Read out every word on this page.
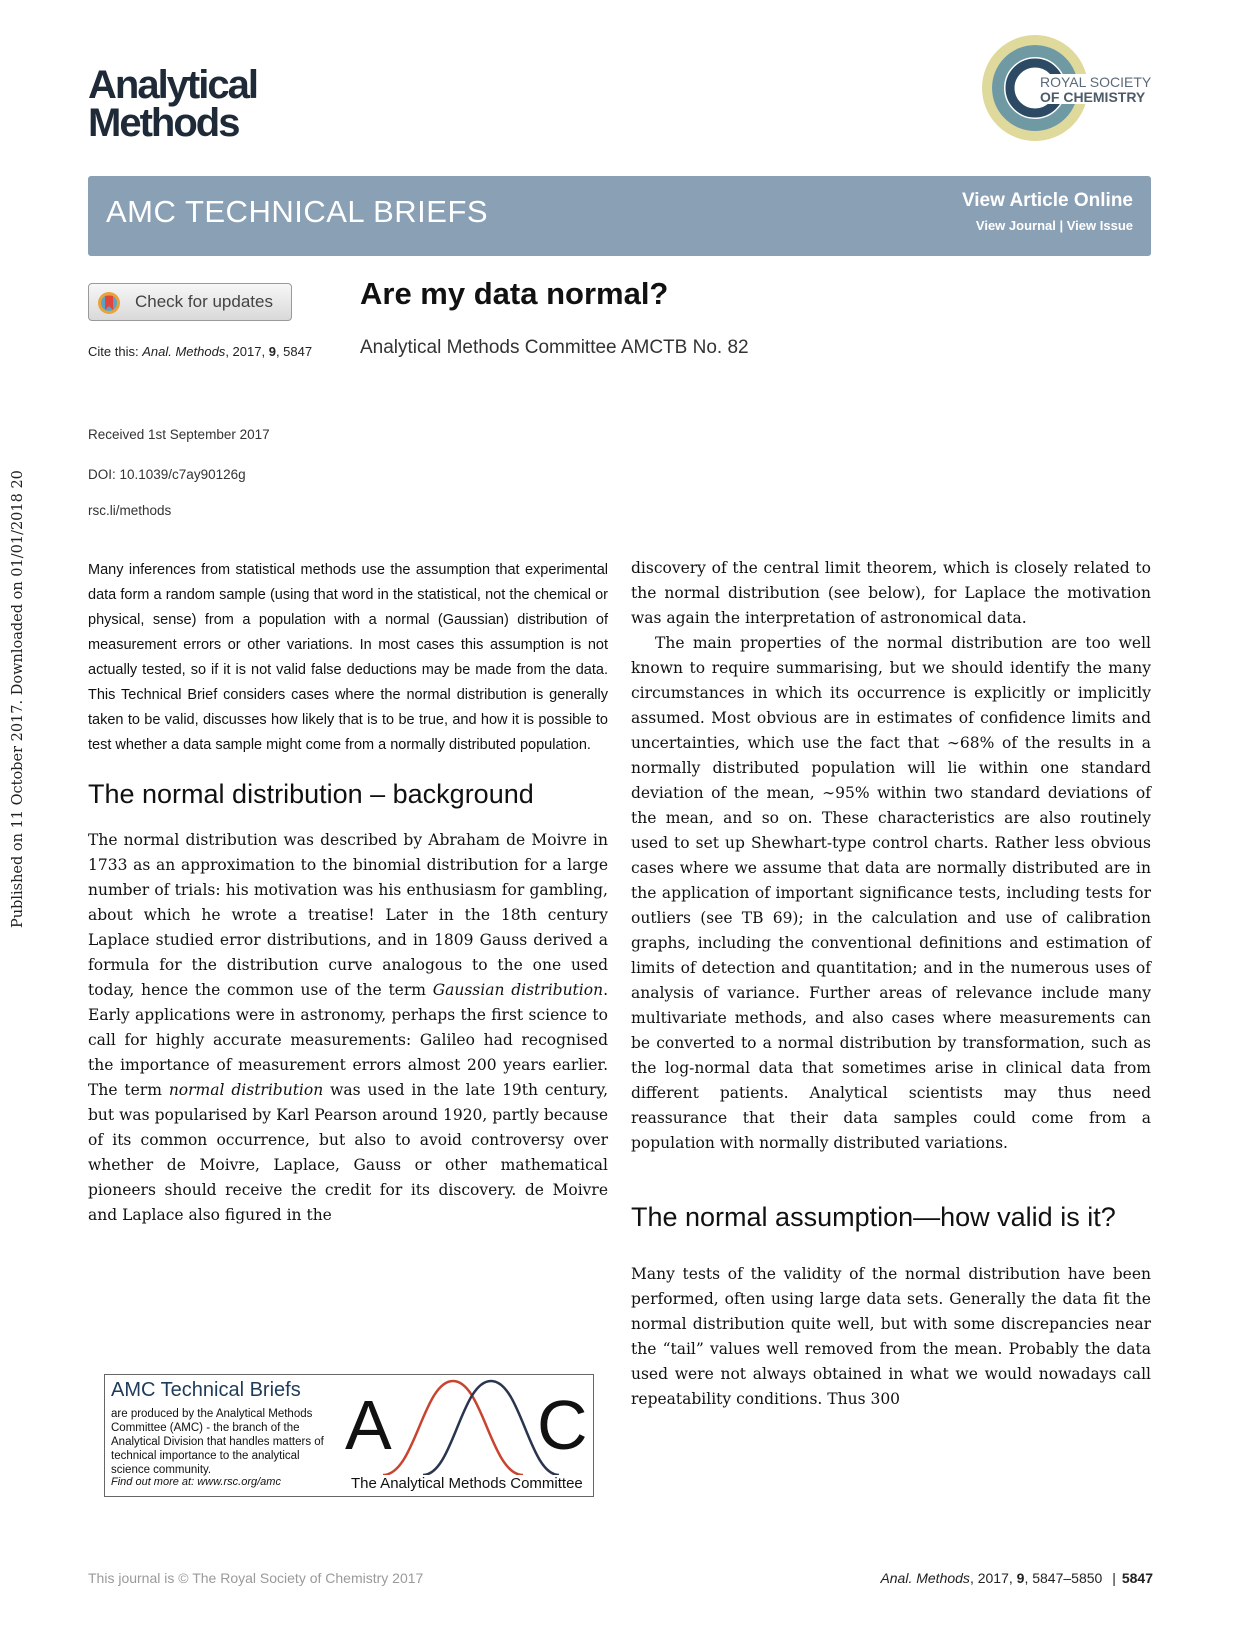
Published on 11 October 2017. Downloaded on 01/01/2018 20:16:11.
Analytical
Methods
ROYAL SOCIETY
OF CHEMISTRY
AMC TECHNICAL BRIEFS	View Article Online
View Journal | View Issue
Check for updates
Cite this: Anal. Methods, 2017, 9, 5847
Are my data normal?
Analytical Methods Committee AMCTB No. 82
Received 1st September 2017
DOI: 10.1039/c7ay90126g
rsc.li/methods

Many inferences from statistical methods use the assumption that experimental data form a random sample (using that word in the statistical, not the chemical or physical, sense) from a population with a normal (Gaussian) distribution of measurement errors or other variations. In most cases this assumption is not actually tested, so if it is not valid false deductions may be made from the data. This Technical Brief considers cases where the normal distribution is generally taken to be valid, discusses how likely that is to be true, and how it is possible to test whether a data sample might come from a normally distributed population.

The normal distribution – background

The normal distribution was described by Abraham de Moivre in 1733 as an approximation to the binomial distribution for a large number of trials: his motivation was his enthusiasm for gambling, about which he wrote a treatise! Later in the 18th century Laplace studied error distributions, and in 1809 Gauss derived a formula for the distribution curve analogous to the one used today, hence the common use of the term Gaussian distribution. Early applications were in astronomy, perhaps the first science to call for highly accurate measurements: Galileo had recognised the importance of measurement errors almost 200 years earlier. The term normal distribution was used in the late 19th century, but was popularised by Karl Pearson around 1920, partly because of its common occurrence, but also to avoid controversy over whether de Moivre, Laplace, Gauss or other mathematical pioneers should receive the credit for its discovery. de Moivre and Laplace also figured in the

discovery of the central limit theorem, which is closely related to the normal distribution (see below), for Laplace the motivation was again the interpretation of astronomical data.

The main properties of the normal distribution are too well known to require summarising, but we should identify the many circumstances in which its occurrence is explicitly or implicitly assumed. Most obvious are in estimates of confidence limits and uncertainties, which use the fact that ∼68% of the results in a normally distributed population will lie within one standard deviation of the mean, ∼95% within two standard deviations of the mean, and so on. These characteristics are also routinely used to set up Shewhart-type control charts. Rather less obvious cases where we assume that data are normally distributed are in the application of important significance tests, including tests for outliers (see TB 69); in the calculation and use of calibration graphs, including the conventional definitions and estimation of limits of detection and quantitation; and in the numerous uses of analysis of variance. Further areas of relevance include many multivariate methods, and also cases where measurements can be converted to a normal distribution by transformation, such as the log-normal data that sometimes arise in clinical data from different patients. Analytical scientists may thus need reassurance that their data samples could come from a population with normally distributed variations.

The normal assumption—how valid is it?

Many tests of the validity of the normal distribution have been performed, often using large data sets. Generally the data fit the normal distribution quite well, but with some discrepancies near the “tail” values well removed from the mean. Probably the data used were not always obtained in what we would nowadays call repeatability conditions. Thus 300

AMC Technical Briefs
are produced by the Analytical Methods Committee (AMC) - the branch of the Analytical Division that handles matters of technical importance to the analytical science community.
Find out more at: www.rsc.org/amc
A C
The Analytical Methods Committee
This journal is © The Royal Society of Chemistry 2017	Anal. Methods, 2017, 9, 5847–5850 | 5847
